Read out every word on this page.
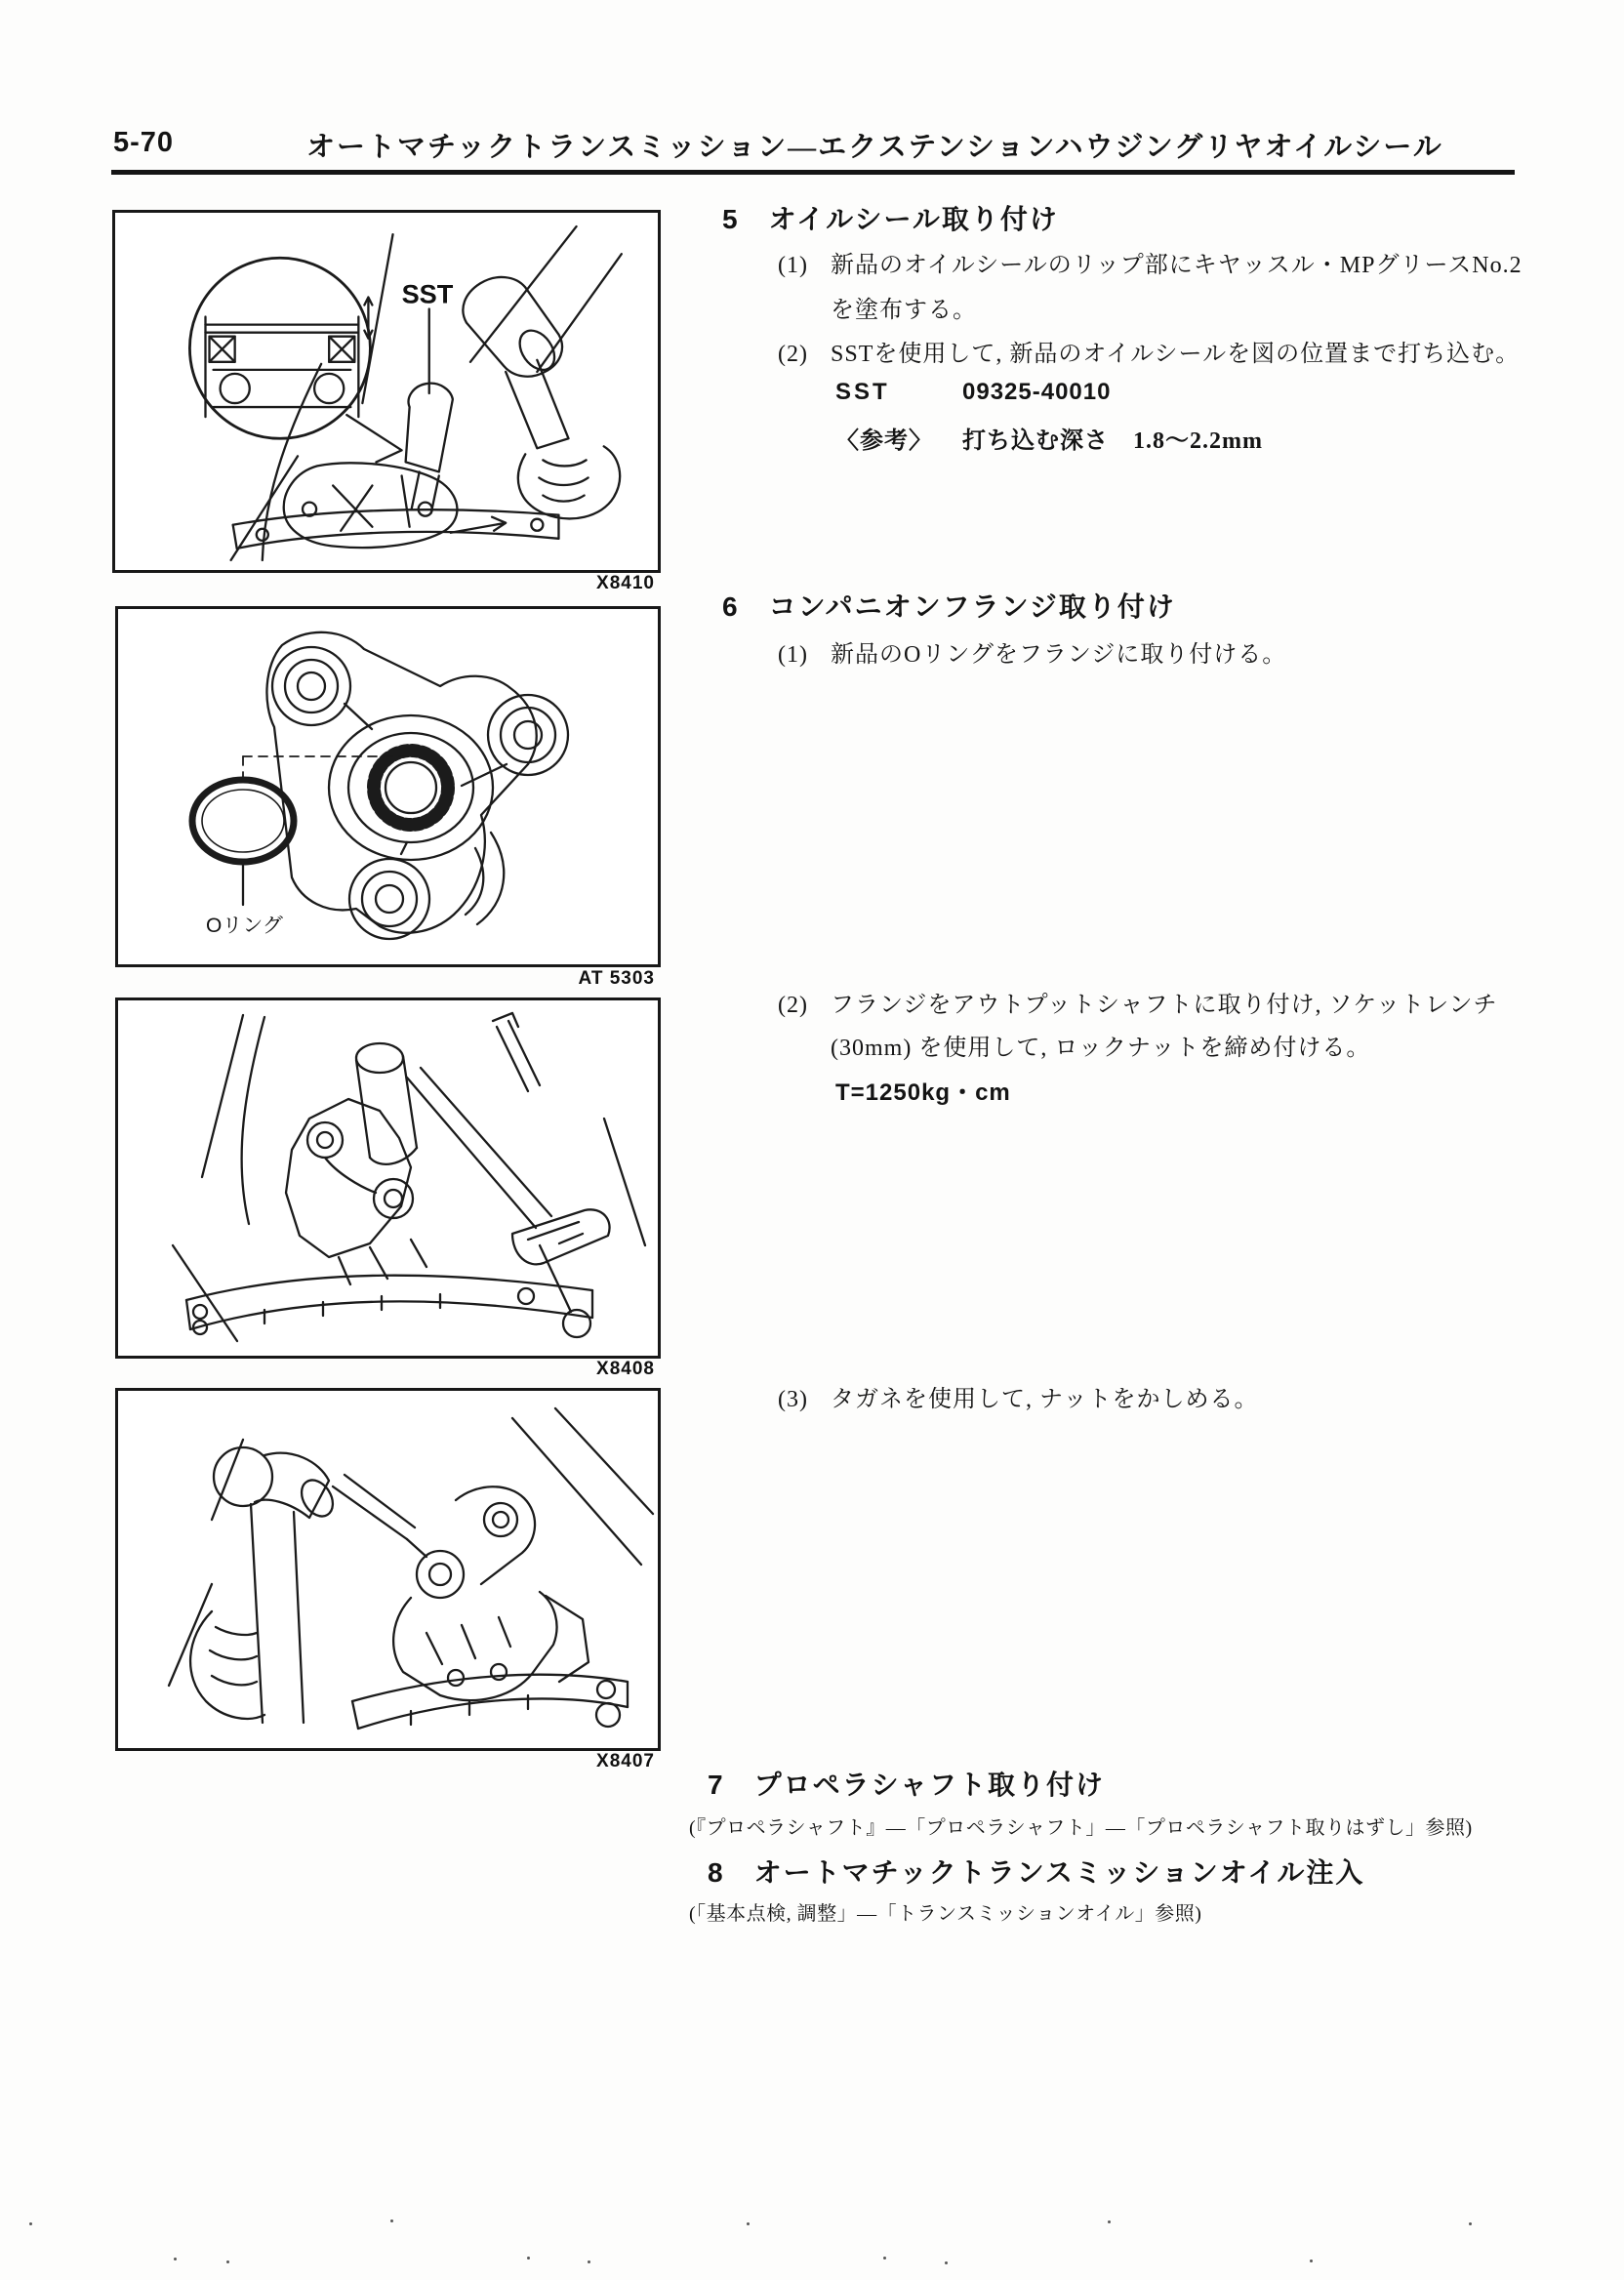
5-70	オートマチックトランスミッション—エクステンションハウジングリヤオイルシール
SST
X8410
Oリング
AT 5303
X8408
X8407
5 オイルシール取り付け
(1) 新品のオイルシールのリップ部にキヤッスル・MPグリースNo.2
を塗布する。
(2) SSTを使用して, 新品のオイルシールを図の位置まで打ち込む。
SST	09325-40010
〈参考〉 打ち込む深さ　1.8〜2.2mm
6 コンパニオンフランジ取り付け
(1) 新品のOリングをフランジに取り付ける。
(2) フランジをアウトプットシャフトに取り付け, ソケットレンチ
(30mm) を使用して, ロックナットを締め付ける。
T=1250kg・cm
(3) タガネを使用して, ナットをかしめる。
7 プロペラシャフト取り付け
(『プロペラシャフト』—「プロペラシャフト」—「プロペラシャフト取りはずし」参照)
8 オートマチックトランスミッションオイル注入
(「基本点検, 調整」—「トランスミッションオイル」参照)
